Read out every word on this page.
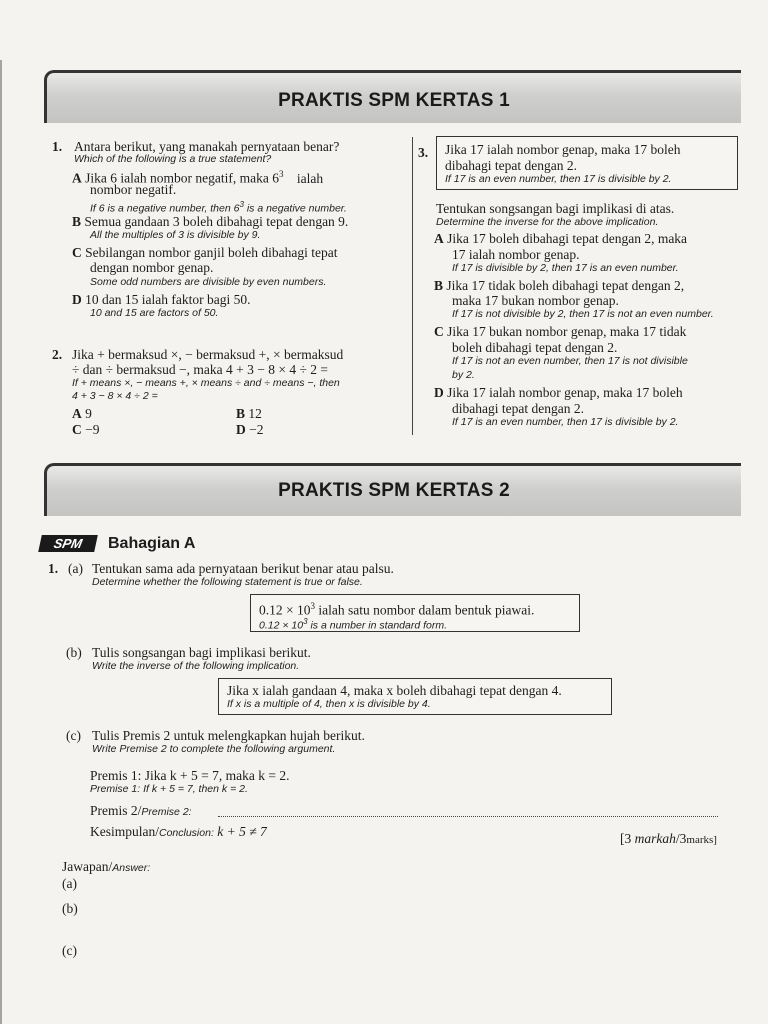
PRAKTIS SPM KERTAS 1
1. Antara berikut, yang manakah pernyataan benar?
Which of the following is a true statement?
A Jika 6 ialah nombor negatif, maka $6^3$ ialah
nombor negatif.
If 6 is a negative number, then $6^3$ is a negative number.
B Semua gandaan 3 boleh dibahagi tepat dengan 9.
All the multiples of 3 is divisible by 9.
C Sebilangan nombor ganjil boleh dibahagi tepat
dengan nombor genap.
Some odd numbers are divisible by even numbers.
D 10 dan 15 ialah faktor bagi 50.
10 and 15 are factors of 50.
2. Jika + bermaksud ×, − bermaksud +, × bermaksud
÷ dan ÷ bermaksud −, maka 4 + 3 − 8 × 4 ÷ 2 =
If + means ×, − means +, × means ÷ and ÷ means −, then
4 + 3 − 8 × 4 ÷ 2 =
A 9	B 12
C −9	D −2
3. Jika 17 ialah nombor genap, maka 17 boleh
dibahagi tepat dengan 2.
If 17 is an even number, then 17 is divisible by 2.
Tentukan songsangan bagi implikasi di atas.
Determine the inverse for the above implication.
A Jika 17 boleh dibahagi tepat dengan 2, maka
17 ialah nombor genap.
If 17 is divisible by 2, then 17 is an even number.
B Jika 17 tidak boleh dibahagi tepat dengan 2,
maka 17 bukan nombor genap.
If 17 is not divisible by 2, then 17 is not an even number.
C Jika 17 bukan nombor genap, maka 17 tidak
boleh dibahagi tepat dengan 2.
If 17 is not an even number, then 17 is not divisible
by 2.
D Jika 17 ialah nombor genap, maka 17 boleh
dibahagi tepat dengan 2.
If 17 is an even number, then 17 is divisible by 2.
PRAKTIS SPM KERTAS 2
SPM	Bahagian A
1. (a) Tentukan sama ada pernyataan berikut benar atau palsu.
Determine whether the following statement is true or false.
$0.12 \times 10^3$ ialah satu nombor dalam bentuk piawai.
$0.12 \times 10^3$ is a number in standard form.
(b) Tulis songsangan bagi implikasi berikut.
Write the inverse of the following implication.
Jika x ialah gandaan 4, maka x boleh dibahagi tepat dengan 4.
If x is a multiple of 4, then x is divisible by 4.
(c) Tulis Premis 2 untuk melengkapkan hujah berikut.
Write Premise 2 to complete the following argument.
Premis 1: Jika k + 5 = 7, maka k = 2.
Premise 1: If k + 5 = 7, then k = 2.
Premis 2/Premise 2:
Kesimpulan/Conclusion: k + 5 ≠ 7	[3 markah/3marks]
Jawapan/Answer:
(a)
(b)
(c)
